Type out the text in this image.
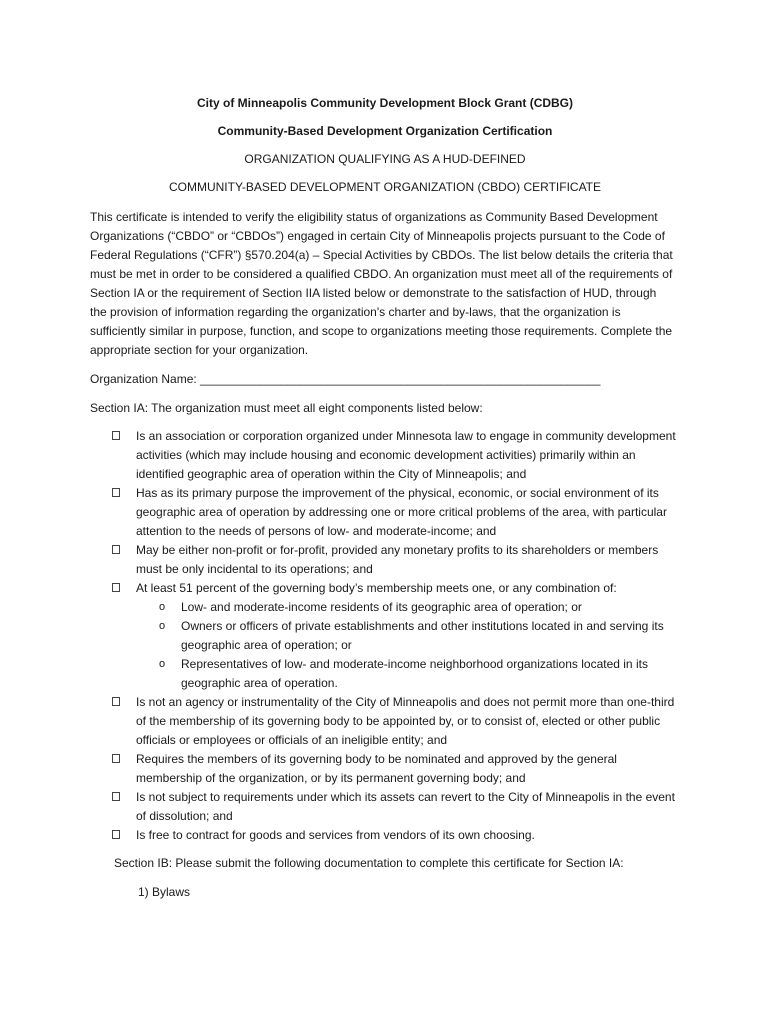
City of Minneapolis Community Development Block Grant (CDBG)
Community-Based Development Organization Certification
ORGANIZATION QUALIFYING AS A HUD-DEFINED
COMMUNITY-BASED DEVELOPMENT ORGANIZATION (CBDO) CERTIFICATE
This certificate is intended to verify the eligibility status of organizations as Community Based Development Organizations (“CBDO” or “CBDOs”) engaged in certain City of Minneapolis projects pursuant to the Code of Federal Regulations (“CFR”) §570.204(a) – Special Activities by CBDOs. The list below details the criteria that must be met in order to be considered a qualified CBDO. An organization must meet all of the requirements of Section IA or the requirement of Section IIA listed below or demonstrate to the satisfaction of HUD, through the provision of information regarding the organization's charter and by-laws, that the organization is sufficiently similar in purpose, function, and scope to organizations meeting those requirements. Complete the appropriate section for your organization.
Organization Name: ____________________________________________________________
Section IA: The organization must meet all eight components listed below:
Is an association or corporation organized under Minnesota law to engage in community development activities (which may include housing and economic development activities) primarily within an identified geographic area of operation within the City of Minneapolis; and
Has as its primary purpose the improvement of the physical, economic, or social environment of its geographic area of operation by addressing one or more critical problems of the area, with particular attention to the needs of persons of low- and moderate-income; and
May be either non-profit or for-profit, provided any monetary profits to its shareholders or members must be only incidental to its operations; and
At least 51 percent of the governing body’s membership meets one, or any combination of:
o Low- and moderate-income residents of its geographic area of operation; or
o Owners or officers of private establishments and other institutions located in and serving its geographic area of operation; or
o Representatives of low- and moderate-income neighborhood organizations located in its geographic area of operation.
Is not an agency or instrumentality of the City of Minneapolis and does not permit more than one-third of the membership of its governing body to be appointed by, or to consist of, elected or other public officials or employees or officials of an ineligible entity; and
Requires the members of its governing body to be nominated and approved by the general membership of the organization, or by its permanent governing body; and
Is not subject to requirements under which its assets can revert to the City of Minneapolis in the event of dissolution; and
Is free to contract for goods and services from vendors of its own choosing.
Section IB: Please submit the following documentation to complete this certificate for Section IA:
1) Bylaws
